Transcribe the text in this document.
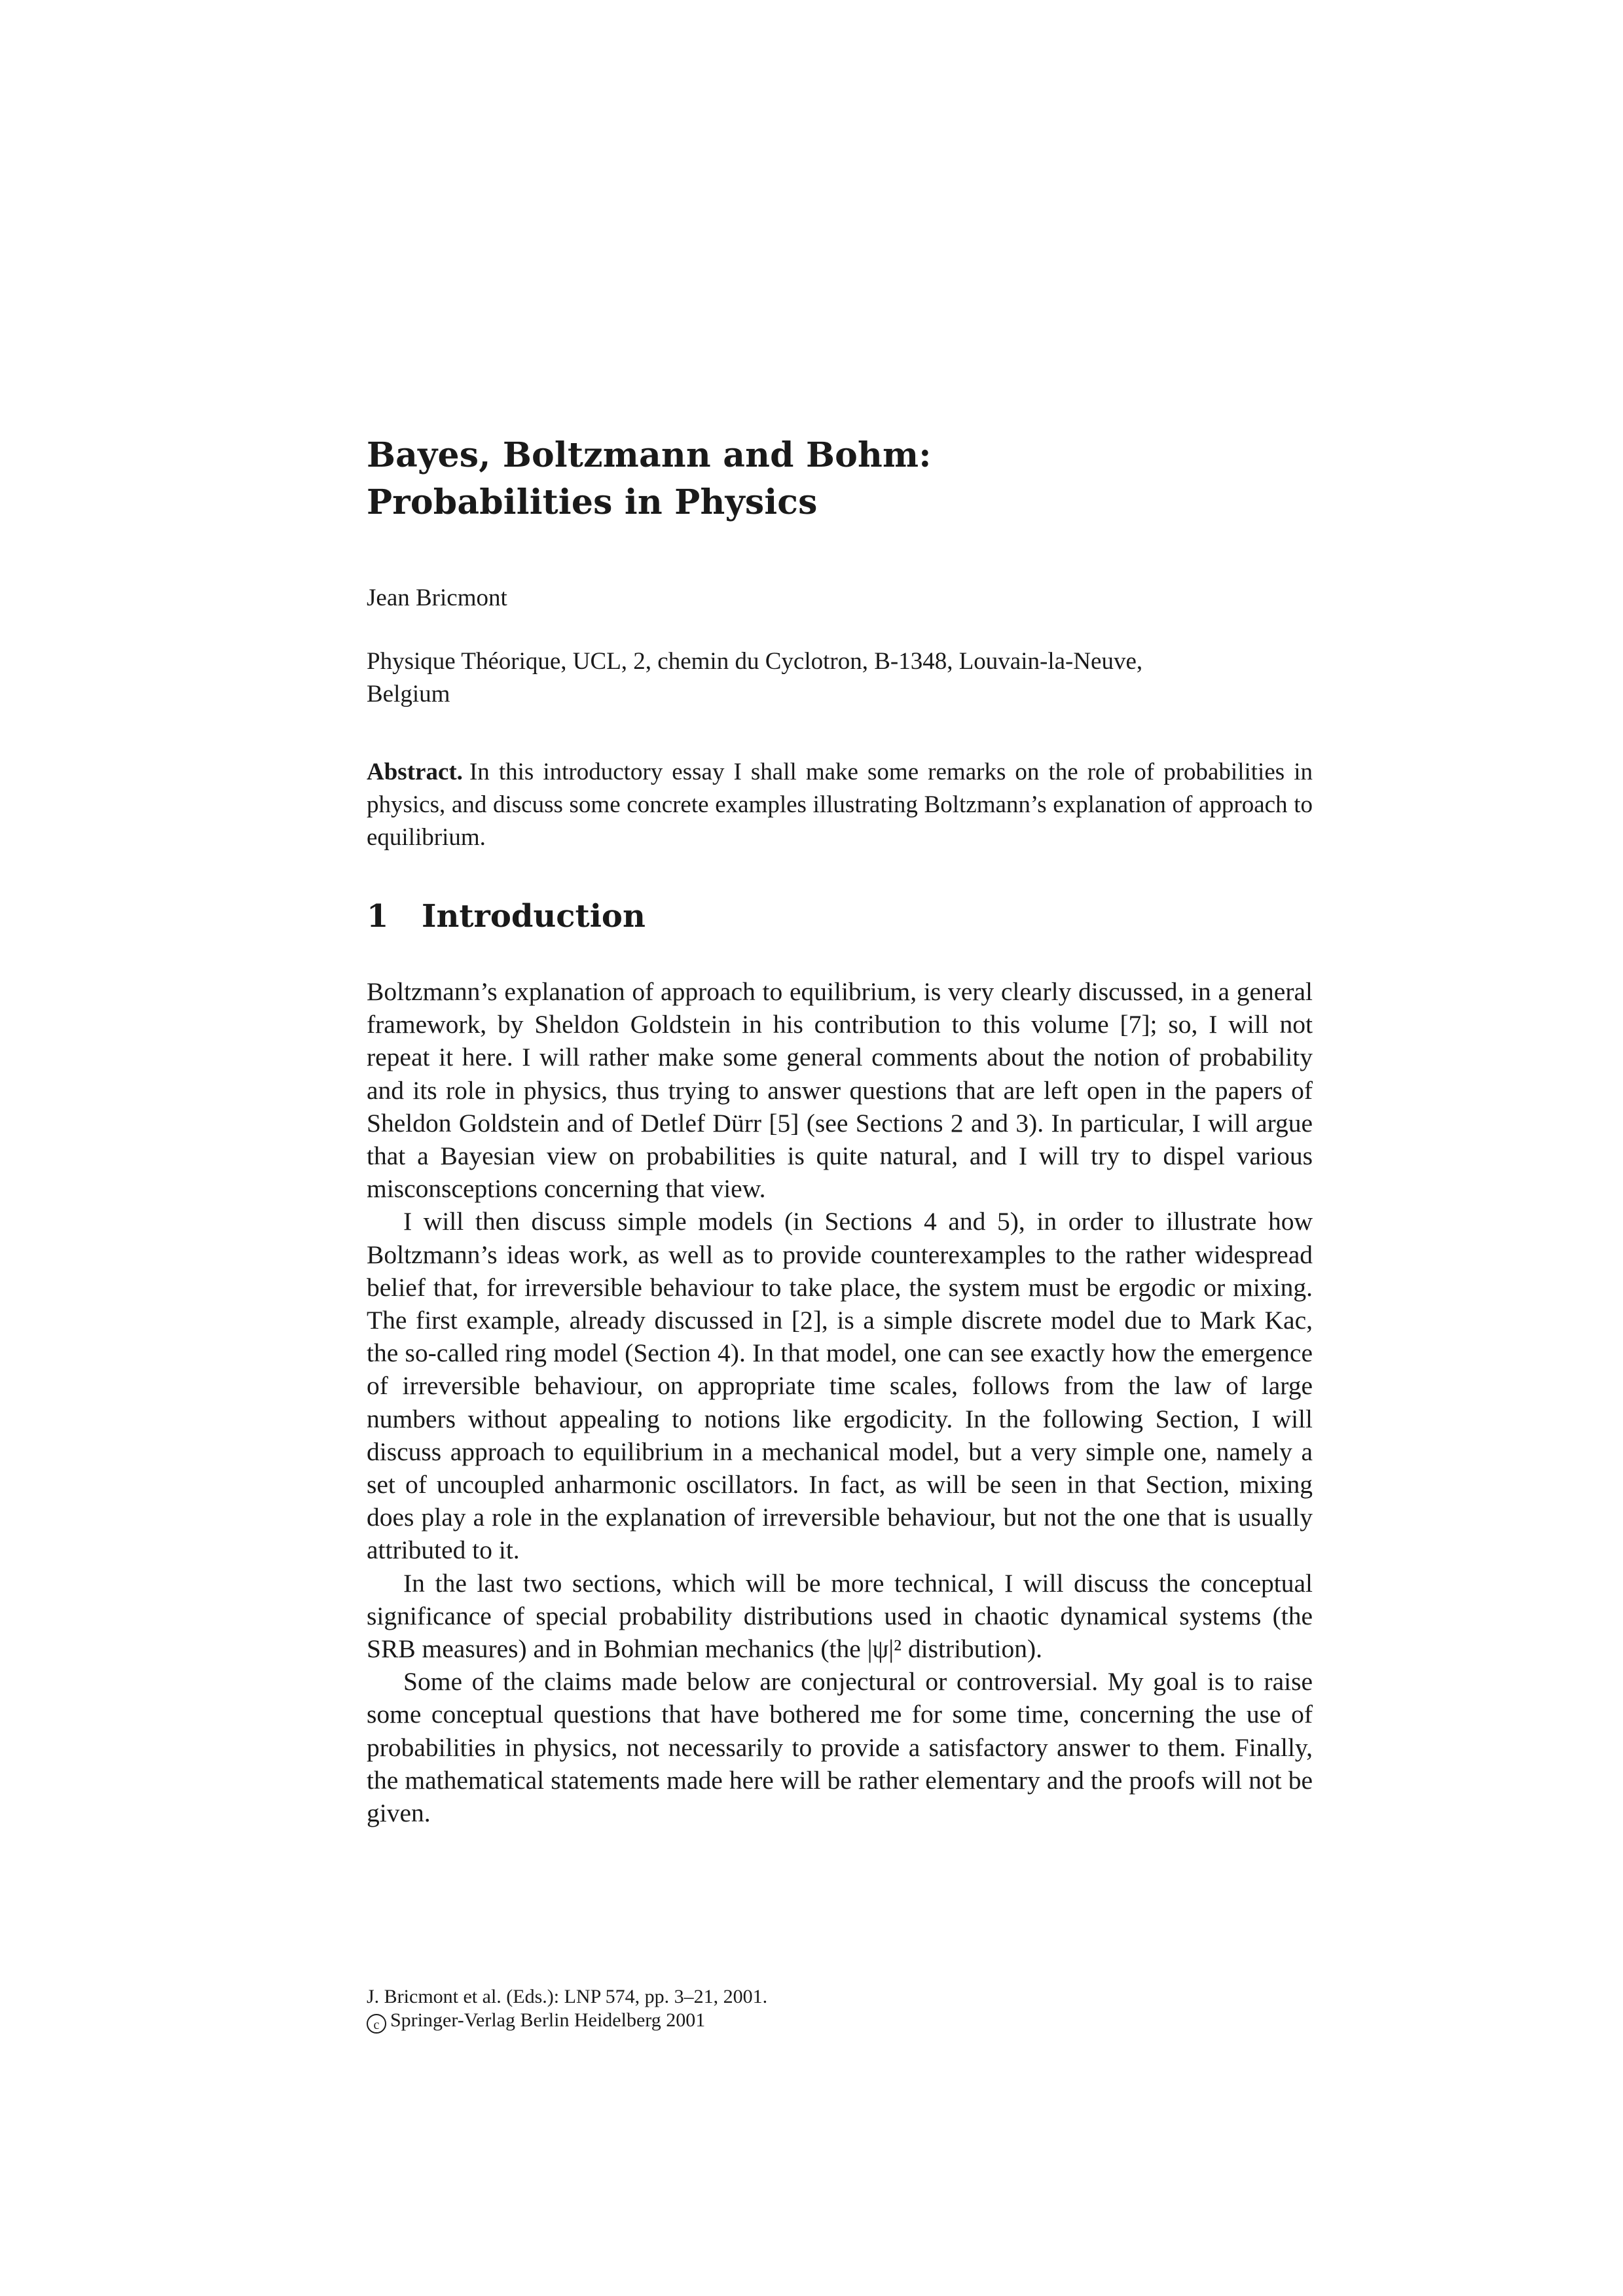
Bayes, Boltzmann and Bohm:
Probabilities in Physics
Jean Bricmont
Physique Théorique, UCL, 2, chemin du Cyclotron, B-1348, Louvain-la-Neuve,
Belgium
Abstract. In this introductory essay I shall make some remarks on the role of probabilities in physics, and discuss some concrete examples illustrating Boltzmann’s explanation of approach to equilibrium.
1 Introduction

Boltzmann’s explanation of approach to equilibrium, is very clearly discussed, in a general framework, by Sheldon Goldstein in his contribution to this volume [7]; so, I will not repeat it here. I will rather make some general comments about the notion of probability and its role in physics, thus trying to answer questions that are left open in the papers of Sheldon Goldstein and of Detlef Dürr [5] (see Sections 2 and 3). In particular, I will argue that a Bayesian view on probabilities is quite natural, and I will try to dispel various misconsceptions concerning that view.

I will then discuss simple models (in Sections 4 and 5), in order to illustrate how Boltzmann’s ideas work, as well as to provide counterexamples to the rather widespread belief that, for irreversible behaviour to take place, the system must be ergodic or mixing. The first example, already discussed in [2], is a simple discrete model due to Mark Kac, the so-called ring model (Section 4). In that model, one can see exactly how the emergence of irreversible behaviour, on appropriate time scales, follows from the law of large numbers without appealing to notions like ergodicity. In the following Section, I will discuss approach to equilibrium in a mechanical model, but a very simple one, namely a set of uncoupled anharmonic oscillators. In fact, as will be seen in that Section, mixing does play a role in the explanation of irreversible behaviour, but not the one that is usually attributed to it.

In the last two sections, which will be more technical, I will discuss the conceptual significance of special probability distributions used in chaotic dynamical systems (the SRB measures) and in Bohmian mechanics (the |ψ|² distribution).

Some of the claims made below are conjectural or controversial. My goal is to raise some conceptual questions that have bothered me for some time, concerning the use of probabilities in physics, not necessarily to provide a satisfactory answer to them. Finally, the mathematical statements made here will be rather elementary and the proofs will not be given.

J. Bricmont et al. (Eds.): LNP 574, pp. 3–21, 2001.
c Springer-Verlag Berlin Heidelberg 2001
